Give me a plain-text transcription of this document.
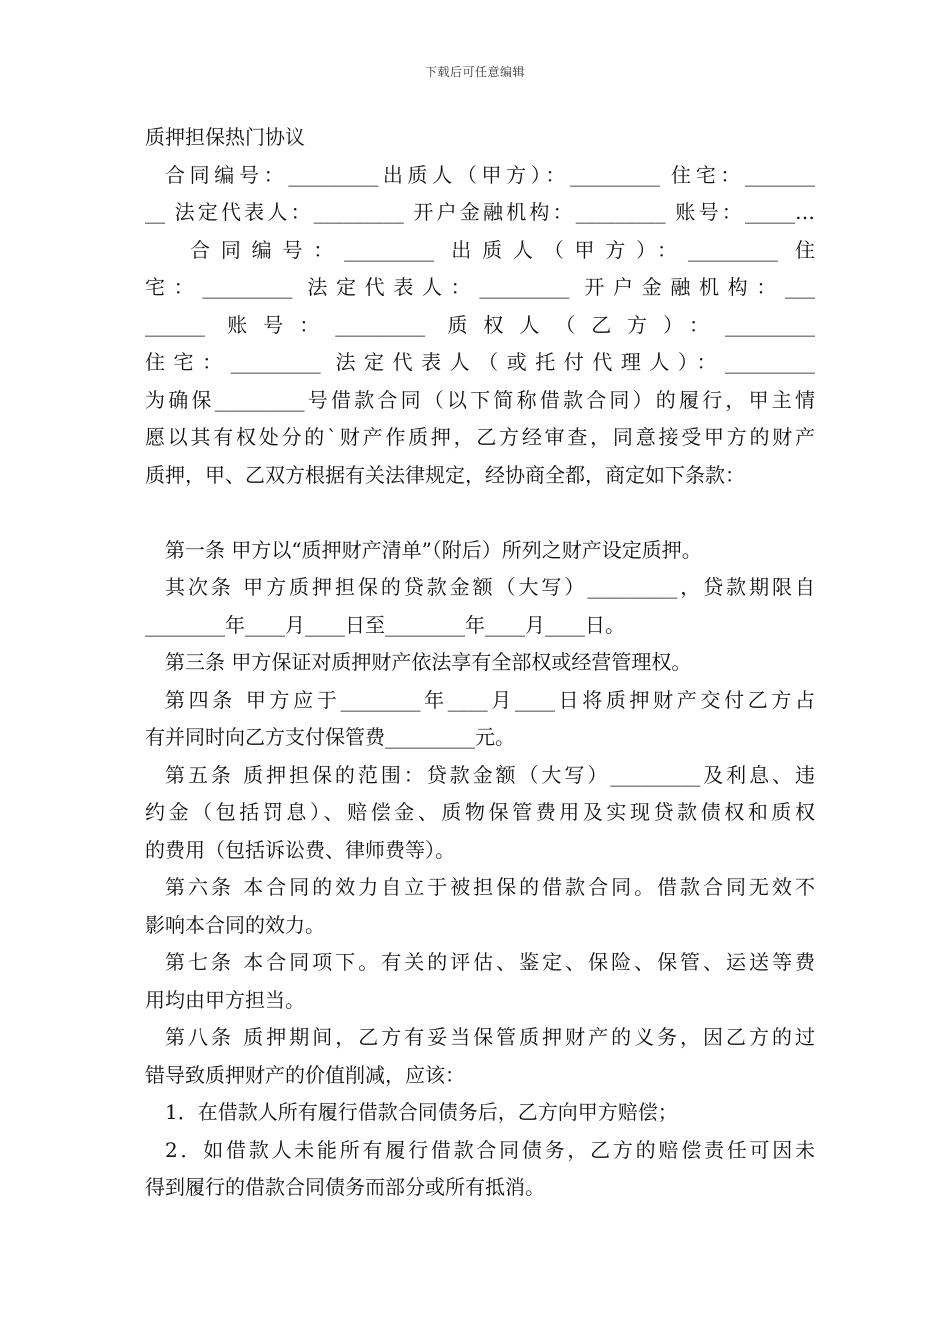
下载后可任意编辑
质押担保热门协议
合同编号：_________出质人（甲方）：_________ 住宅：_______
__ 法定代表人：_________ 开户金融机构：_________ 账号：_____…
合同编号：_________ 出质人（甲方）：_________ 住
宅：_________ 法定代表人：_________ 开户金融机构：___
______ 账号：_________ 质权人（乙方）：_________
住宅：_________ 法定代表人（或托付代理人）：_________
为确保_________号借款合同（以下简称借款合同）的履行，甲主情
愿以其有权处分的`财产作质押，乙方经审查，同意接受甲方的财产
质押，甲、乙双方根据有关法律规定，经协商全都，商定如下条款：
第一条 甲方以“质押财产清单”（附后）所列之财产设定质押。
其次条 甲方质押担保的贷款金额（大写）_________，贷款期限自
________年____月____日至________年____月____日。
第三条 甲方保证对质押财产依法享有全部权或经营管理权。
第四条 甲方应于________年____月____日将质押财产交付乙方占
有并同时向乙方支付保管费_________元。
第五条 质押担保的范围：贷款金额（大写）_________及利息、违
约金（包括罚息）、赔偿金、质物保管费用及实现贷款债权和质权
的费用（包括诉讼费、律师费等）。
第六条 本合同的效力自立于被担保的借款合同。借款合同无效不
影响本合同的效力。
第七条 本合同项下。有关的评估、鉴定、保险、保管、运送等费
用均由甲方担当。
第八条 质押期间，乙方有妥当保管质押财产的义务，因乙方的过
错导致质押财产的价值削减，应该：
1．在借款人所有履行借款合同债务后，乙方向甲方赔偿；
2．如借款人未能所有履行借款合同债务，乙方的赔偿责任可因未
得到履行的借款合同债务而部分或所有抵消。
